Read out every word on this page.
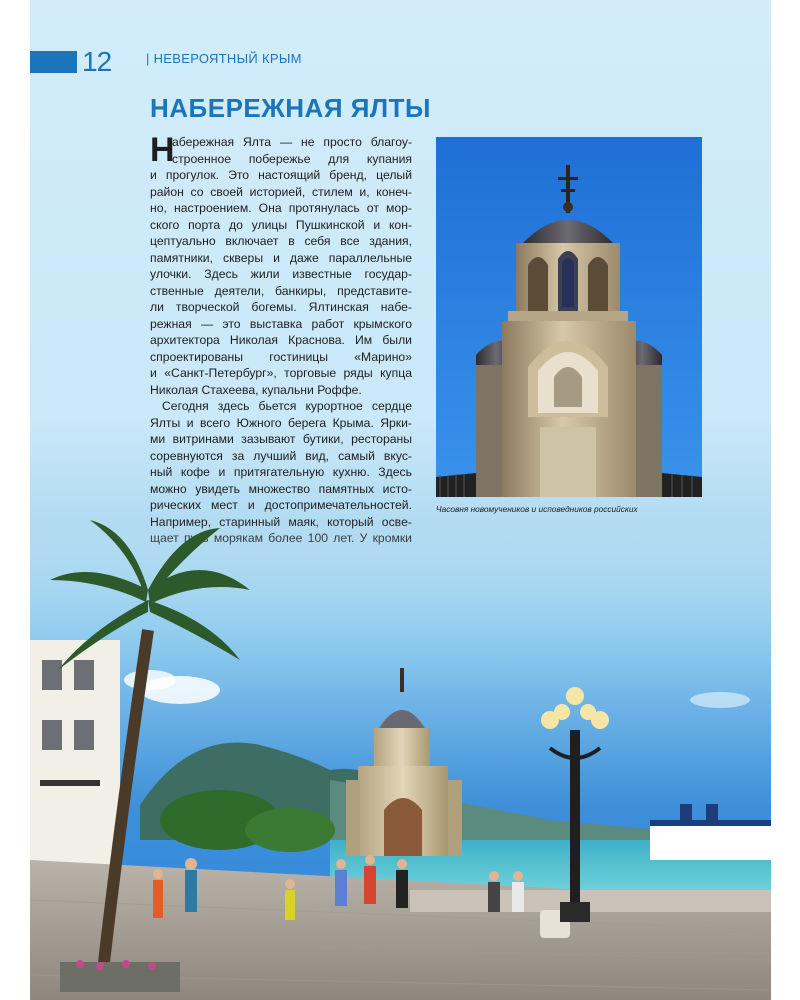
12	| НЕВЕРОЯТНЫЙ КРЫМ
НАБЕРЕЖНАЯ ЯЛТЫ
Н
абережная Ялта — не просто благоу-
строенное побережье для купания
и прогулок. Это настоящий бренд, целый
район со своей историей, стилем и, конеч-
но, настроением. Она протянулась от мор-
ского порта до улицы Пушкинской и кон-
цептуально включает в себя все здания,
памятники, скверы и даже параллельные
улочки. Здесь жили известные государ-
ственные деятели, банкиры, представите-
ли творческой богемы. Ялтинская набе-
режная — это выставка работ крымского
архитектора Николая Краснова. Им были
спроектированы гостиницы «Марино»
и «Санкт-Петербург», торговые ряды купца
Николая Стахеева, купальни Роффе.
Сегодня здесь бьется курортное сердце
Ялты и всего Южного берега Крыма. Ярки-
ми витринами зазывают бутики, рестораны
соревнуются за лучший вид, самый вкус-
ный кофе и притягательную кухню. Здесь
можно увидеть множество памятных истo-
рических мест и достопримечательностей.	Часовня новомучеников и исповедников российских
